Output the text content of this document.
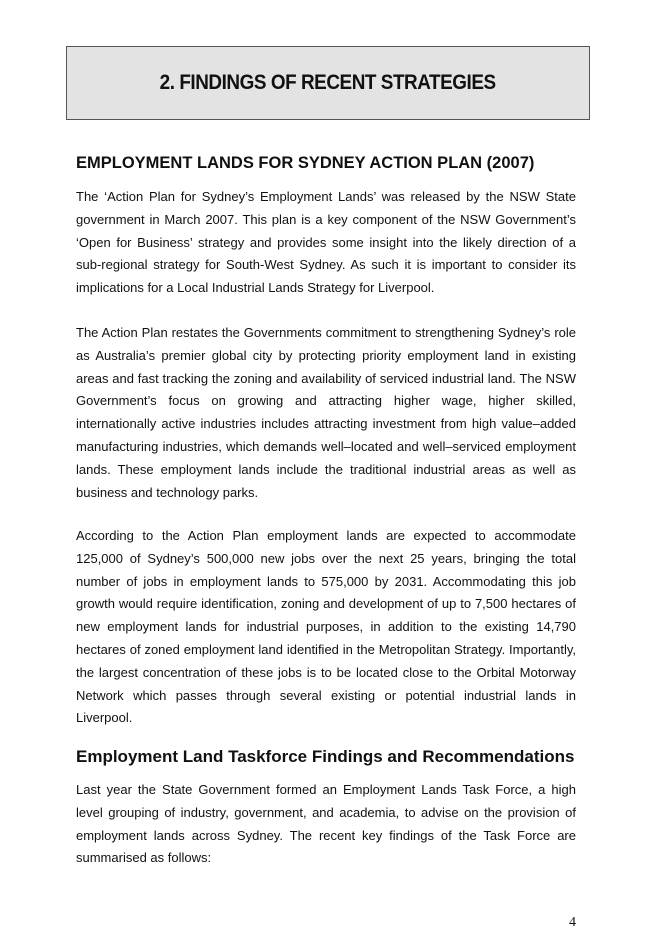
2. FINDINGS OF RECENT STRATEGIES
EMPLOYMENT LANDS FOR SYDNEY ACTION PLAN (2007)

The ‘Action Plan for Sydney’s Employment Lands’ was released by the NSW State government in March 2007. This plan is a key component of the NSW Government’s ‘Open for Business’ strategy and provides some insight into the likely direction of a sub-regional strategy for South-West Sydney. As such it is important to consider its implications for a Local Industrial Lands Strategy for Liverpool.

The Action Plan restates the Governments commitment to strengthening Sydney’s role as Australia’s premier global city by protecting priority employment land in existing areas and fast tracking the zoning and availability of serviced industrial land. The NSW Government’s focus on growing and attracting higher wage, higher skilled, internationally active industries includes attracting investment from high value–added manufacturing industries, which demands well–located and well–serviced employment lands. These employment lands include the traditional industrial areas as well as business and technology parks.

According to the Action Plan employment lands are expected to accommodate 125,000 of Sydney’s 500,000 new jobs over the next 25 years, bringing the total number of jobs in employment lands to 575,000 by 2031. Accommodating this job growth would require identification, zoning and development of up to 7,500 hectares of new employment lands for industrial purposes, in addition to the existing 14,790 hectares of zoned employment land identified in the Metropolitan Strategy. Importantly, the largest concentration of these jobs is to be located close to the Orbital Motorway Network which passes through several existing or potential industrial lands in Liverpool.

Employment Land Taskforce Findings and Recommendations

Last year the State Government formed an Employment Lands Task Force, a high level grouping of industry, government, and academia, to advise on the provision of employment lands across Sydney. The recent key findings of the Task Force are summarised as follows:

4
